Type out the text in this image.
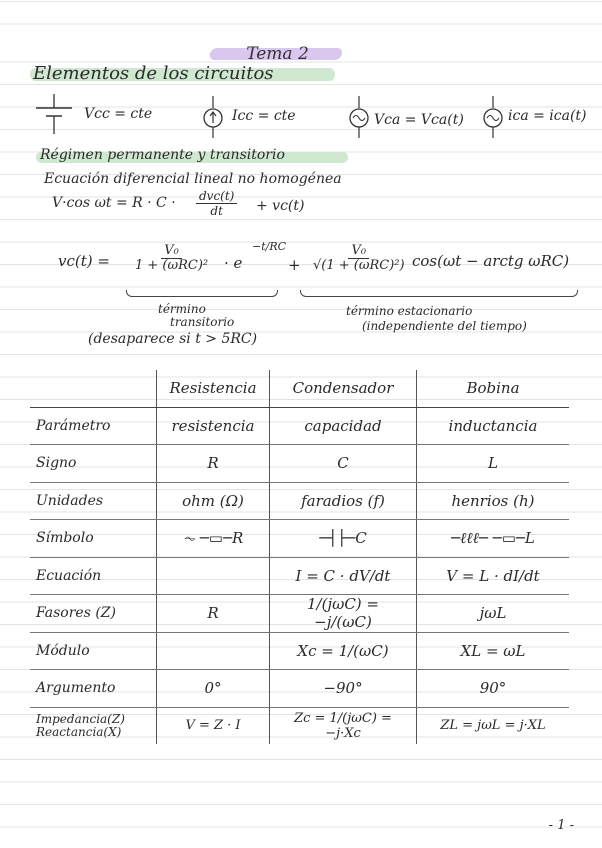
Tema 2
Elementos de los circuitos
Vcc = cte	Icc = cte	Vca = Vca(t)	ica = ica(t)
Régimen permanente y transitorio
Ecuación diferencial lineal no homogénea
V·cos ωt = R · C · dvc(t)
dt + vc(t)
vc(t) =
V₀
1 + (ωRC)² · e
−t/RC
+
V₀
√(1 + (ωRC)²) cos(ωt − arctg ωRC)
término
transitorio
término estacionario
(independiente del tiempo)
(desaparece si t > 5RC)
	Resistencia	Condensador	Bobina
Parámetro	resistencia	capacidad	inductancia
Signo	R	C	L
Unidades	ohm (Ω)	faradios (f)	henrios (h)
Símbolo	⏦ ─▭─R	─┤├─C	─ℓℓℓ─ ─▭─L
Ecuación		I = C · dV/dt	V = L · dI/dt
Fasores (Z)	R	1/(jωC) = −j/(ωC)	jωL
Módulo		Xc = 1/(ωC)	XL = ωL
Argumento	0°	−90°	90°
Impedancia(Z) Reactancia(X)	V = Z · I	Zc = 1/(jωC) = −j·Xc	ZL = jωL = j·XL
- 1 -
